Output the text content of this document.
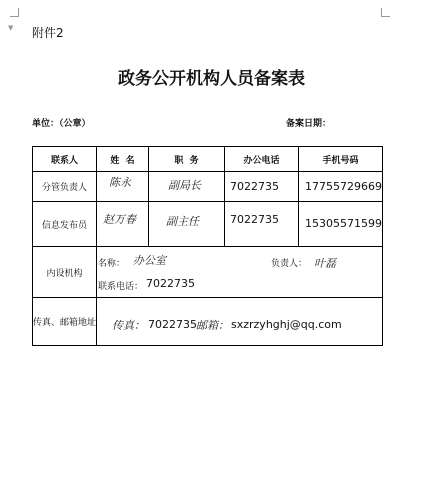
▼ 附件2
政务公开机构人员备案表
单位：（公章）	备案日期：
联系人	姓  名	职  务	办公电话	手机号码
分管负责人	陈永	副局长	7022735 17755729669
信息发布员	赵万春	副主任	7022735 15305571599
内设机构
名称： 办公室	负责人： 叶磊
联系电话： 7022735
传真、邮箱地址 传真： 7022735 邮箱： sxzrzyhghj@qq.com
